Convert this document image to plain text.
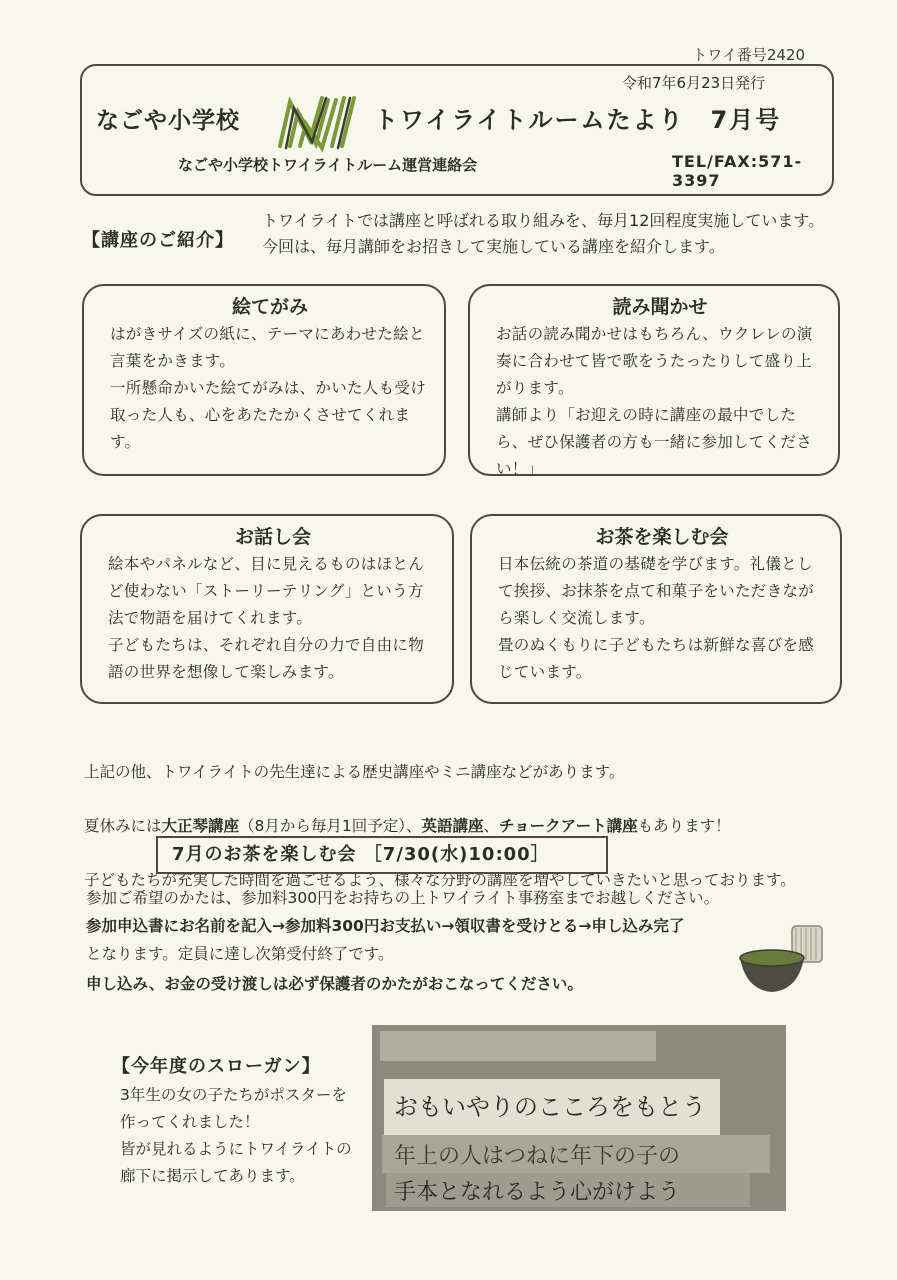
トワイ番号2420
令和7年6月23日発行
なごや小学校	トワイライトルームたより　7月号
なごや小学校トワイライトルーム運営連絡会	TEL/FAX:571-3397
【講座のご紹介】
トワイライトでは講座と呼ばれる取り組みを、毎月12回程度実施しています。今回は、毎月講師をお招きして実施している講座を紹介します。
絵てがみ
はがきサイズの紙に、テーマにあわせた絵と言葉をかきます。
一所懸命かいた絵てがみは、かいた人も受け取った人も、心をあたたかくさせてくれます。
読み聞かせ
お話の読み聞かせはもちろん、ウクレレの演奏に合わせて皆で歌をうたったりして盛り上がります。
講師より「お迎えの時に講座の最中でしたら、ぜひ保護者の方も一緒に参加してください！」
お話し会
絵本やパネルなど、目に見えるものはほとんど使わない「ストーリーテリング」という方法で物語を届けてくれます。
子どもたちは、それぞれ自分の力で自由に物語の世界を想像して楽しみます。
お茶を楽しむ会
日本伝統の茶道の基礎を学びます。礼儀として挨拶、お抹茶を点て和菓子をいただきながら楽しく交流します。
畳のぬくもりに子どもたちは新鮮な喜びを感じています。

上記の他、トワイライトの先生達による歴史講座やミニ講座などがあります。

夏休みには大正琴講座（8月から毎月1回予定）、英語講座、チョークアート講座もあります！

子どもたちが充実した時間を過ごせるよう、様々な分野の講座を増やしていきたいと思っております。

7月のお茶を楽しむ会 ［7/30(水)10:00］
参加ご希望のかたは、参加料300円をお持ちの上トワイライト事務室までお越しください。
参加申込書にお名前を記入→参加料300円お支払い→領収書を受けとる→申し込み完了
となります。定員に達し次第受付終了です。
申し込み、お金の受け渡しは必ず保護者のかたがおこなってください。
【今年度のスローガン】
3年生の女の子たちがポスターを作ってくれました！
皆が見れるようにトワイライトの廊下に掲示してあります。
おもいやりのこころをもとう
年上の人はつねに年下の子の
手本となれるよう心がけよう
